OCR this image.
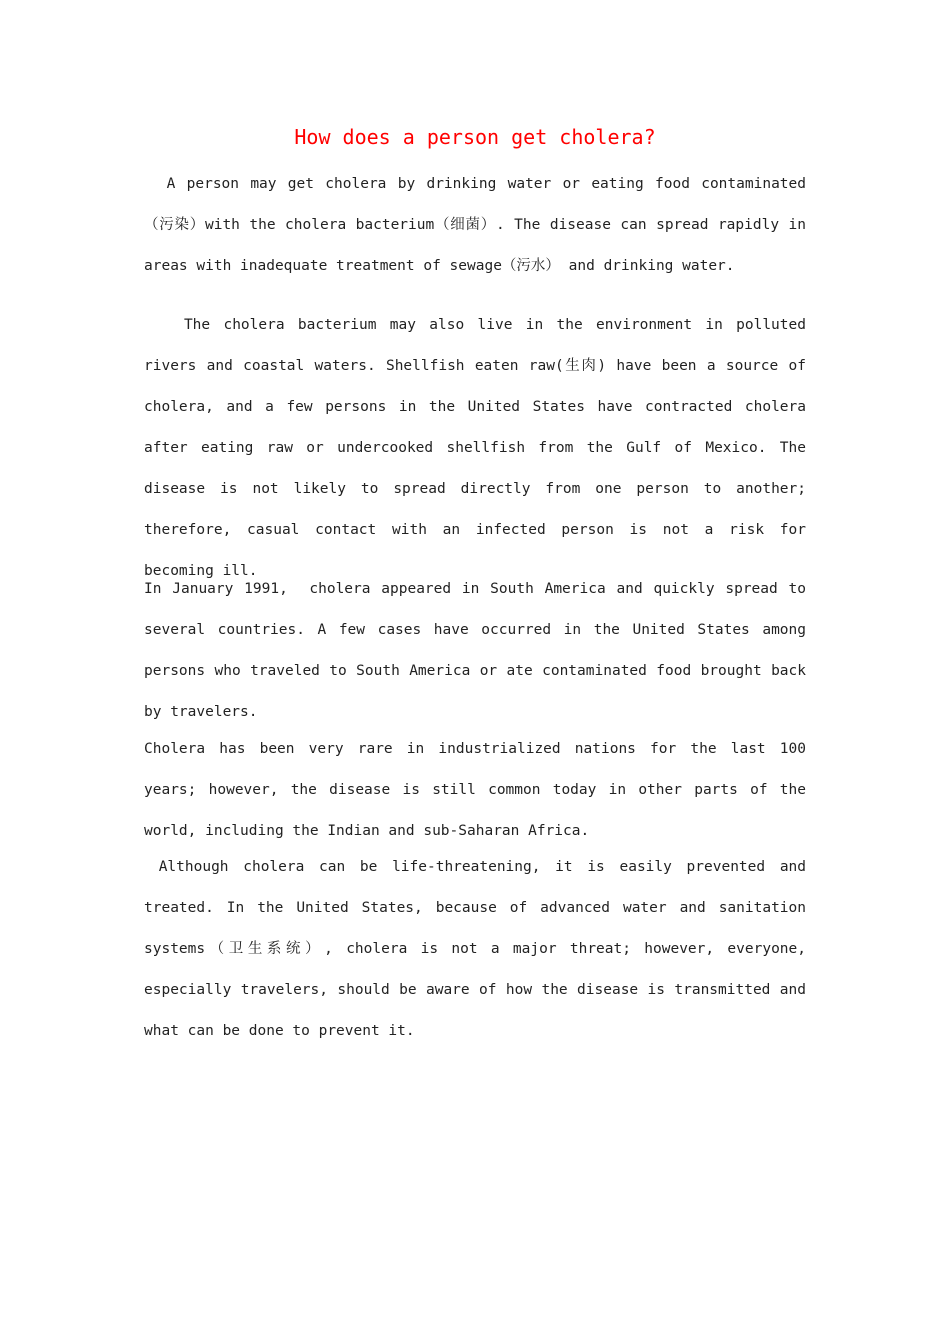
How does a person get cholera?

A person may get cholera by drinking water or eating food contaminated （污染）with the cholera bacterium（细菌）. The disease can spread rapidly in areas with inadequate treatment of sewage（污水） and drinking water.

The cholera bacterium may also live in the environment in polluted rivers and coastal waters. Shellfish eaten raw(生肉) have been a source of cholera, and a few persons in the United States have contracted cholera after eating raw or undercooked shellfish from the Gulf of Mexico. The disease is not likely to spread directly from one person to another; therefore, casual contact with an infected person is not a risk for becoming ill.

In January 1991,  cholera appeared in South America and quickly spread to several countries. A few cases have occurred in the United States among persons who traveled to South America or ate contaminated food brought back by travelers.

Cholera has been very rare in industrialized nations for the last 100 years; however, the disease is still common today in other parts of the world, including the Indian and sub-Saharan Africa.

Although cholera can be life-threatening, it is easily prevented and treated. In the United States, because of advanced water and sanitation systems（卫生系统）, cholera is not a major threat; however, everyone, especially travelers, should be aware of how the disease is transmitted and what can be done to prevent it.
